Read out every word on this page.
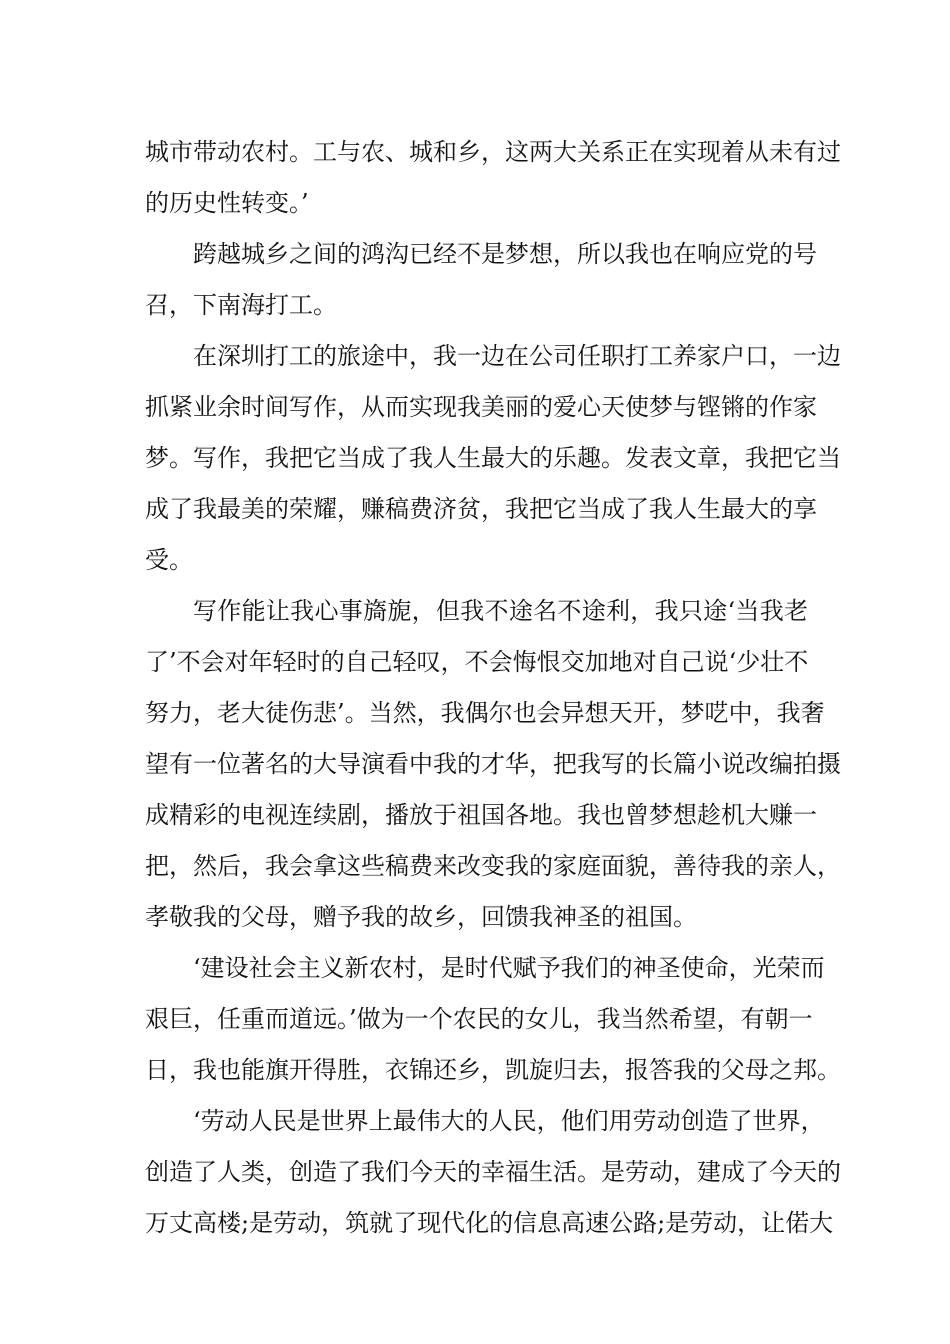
城市带动农村。工与农、城和乡，这两大关系正在实现着从未有过
的历史性转变。’
跨越城乡之间的鸿沟已经不是梦想，所以我也在响应党的号
召，下南海打工。
在深圳打工的旅途中，我一边在公司任职打工养家户口，一边
抓紧业余时间写作，从而实现我美丽的爱心天使梦与铿锵的作家
梦。写作，我把它当成了我人生最大的乐趣。发表文章，我把它当
成了我最美的荣耀，赚稿费济贫，我把它当成了我人生最大的享
受。
写作能让我心事旖旎，但我不途名不途利，我只途‘当我老
了’不会对年轻时的自己轻叹，不会悔恨交加地对自己说‘少壮不
努力，老大徒伤悲’。当然，我偶尔也会异想天开，梦呓中，我奢
望有一位著名的大导演看中我的才华，把我写的长篇小说改编拍摄
成精彩的电视连续剧，播放于祖国各地。我也曾梦想趁机大赚一
把，然后，我会拿这些稿费来改变我的家庭面貌，善待我的亲人，
孝敬我的父母，赠予我的故乡，回馈我神圣的祖国。
‘建设社会主义新农村，是时代赋予我们的神圣使命，光荣而
艰巨，任重而道远。’做为一个农民的女儿，我当然希望，有朝一
日，我也能旗开得胜，衣锦还乡，凯旋归去，报答我的父母之邦。
‘劳动人民是世界上最伟大的人民，他们用劳动创造了世界，
创造了人类，创造了我们今天的幸福生活。是劳动，建成了今天的
万丈高楼;是劳动，筑就了现代化的信息高速公路;是劳动，让偌大
